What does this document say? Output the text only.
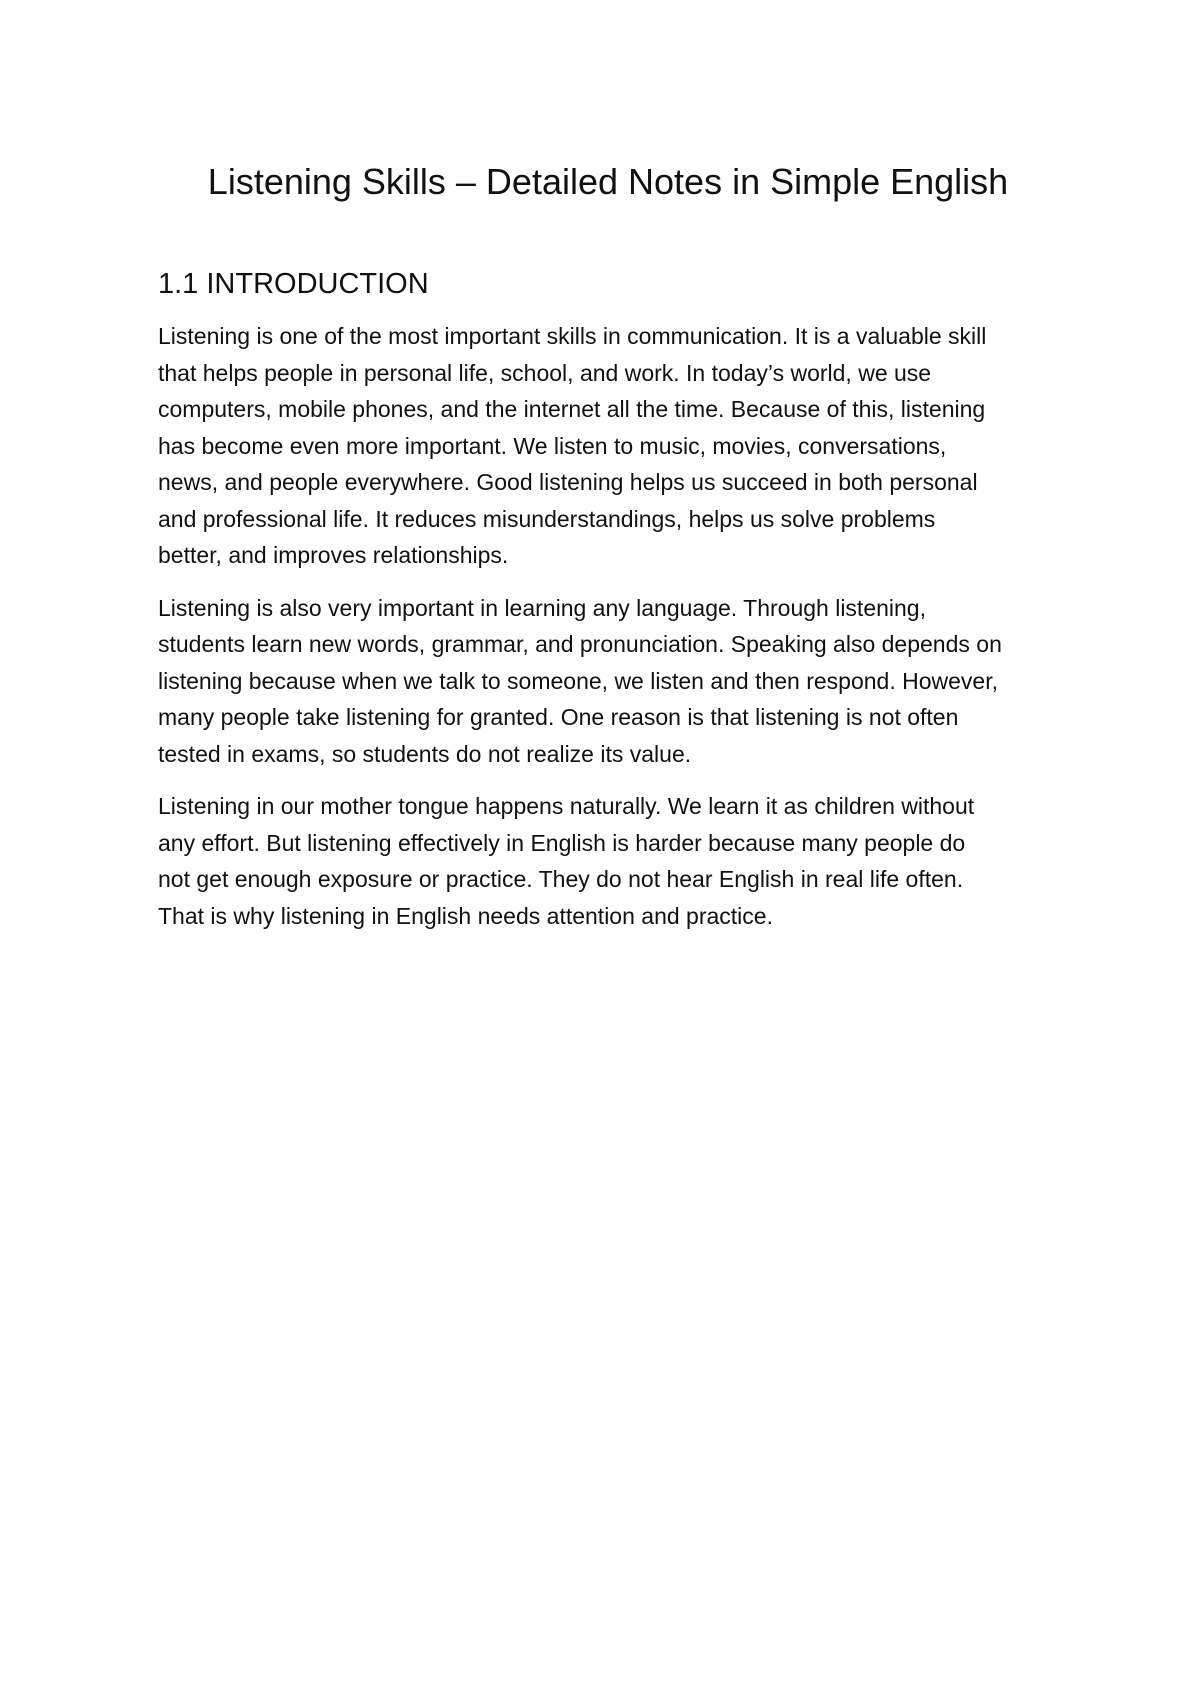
Listening Skills – Detailed Notes in Simple English
1.1 INTRODUCTION

Listening is one of the most important skills in communication. It is a valuable skill
that helps people in personal life, school, and work. In today’s world, we use
computers, mobile phones, and the internet all the time. Because of this, listening
has become even more important. We listen to music, movies, conversations,
news, and people everywhere. Good listening helps us succeed in both personal
and professional life. It reduces misunderstandings, helps us solve problems
better, and improves relationships.

Listening is also very important in learning any language. Through listening,
students learn new words, grammar, and pronunciation. Speaking also depends on
listening because when we talk to someone, we listen and then respond. However,
many people take listening for granted. One reason is that listening is not often
tested in exams, so students do not realize its value.

Listening in our mother tongue happens naturally. We learn it as children without
any effort. But listening effectively in English is harder because many people do
not get enough exposure or practice. They do not hear English in real life often.
That is why listening in English needs attention and practice.
